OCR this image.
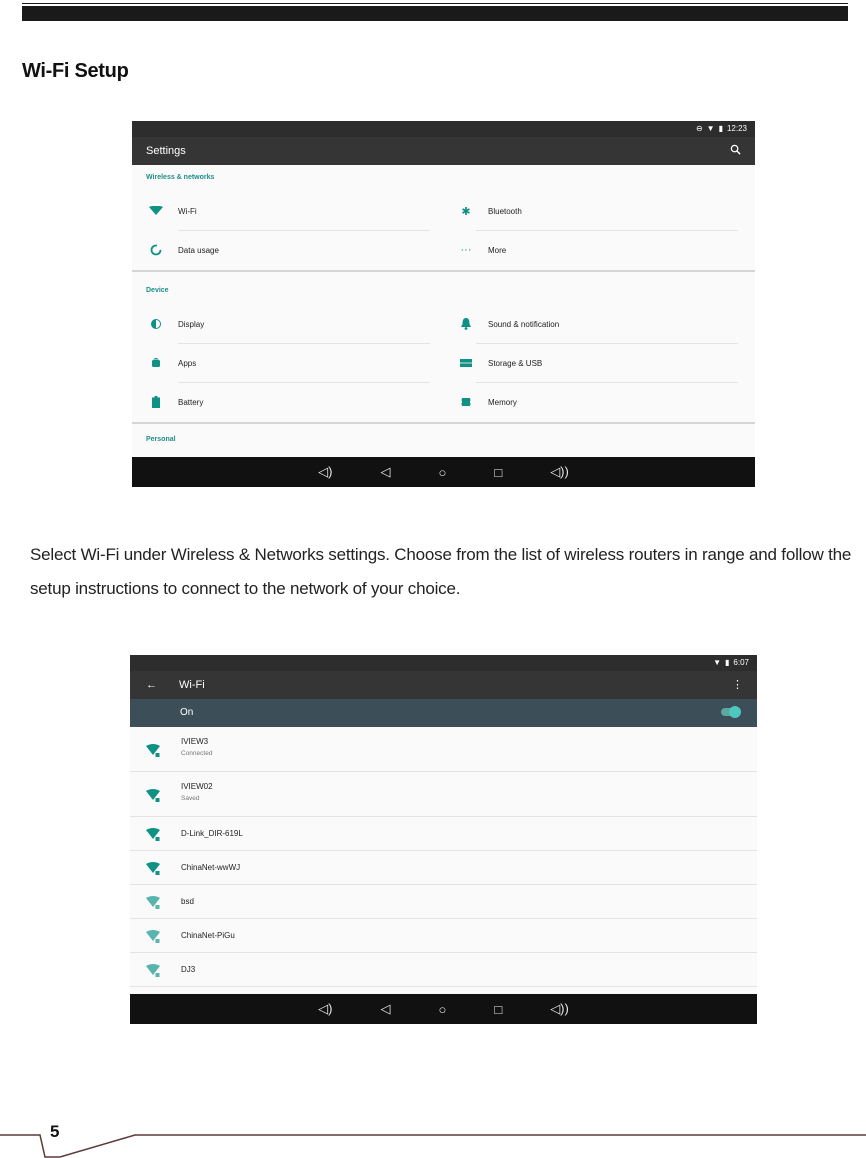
Wi-Fi Setup
⊖ ▼ ▮ 12:23
Settings
Wireless & networks
Wi-Fi	✱	Bluetooth
Data usage	···	More
Device
Display	Sound & notification
Apps	Storage & USB
Battery	Memory
Personal
◁)	◁	○	□	◁))
Select Wi-Fi under Wireless & Networks settings. Choose from the list of wireless routers in range and follow the setup instructions to connect to the network of your choice.
▼ ▮ 6:07
← Wi-Fi	⋮
On
IVIEW3
Connected
IVIEW02
Saved
D-Link_DIR-619L
ChinaNet-wwWJ
bsd
ChinaNet-PiGu
DJ3
◁)	◁	○	□	◁))
5
